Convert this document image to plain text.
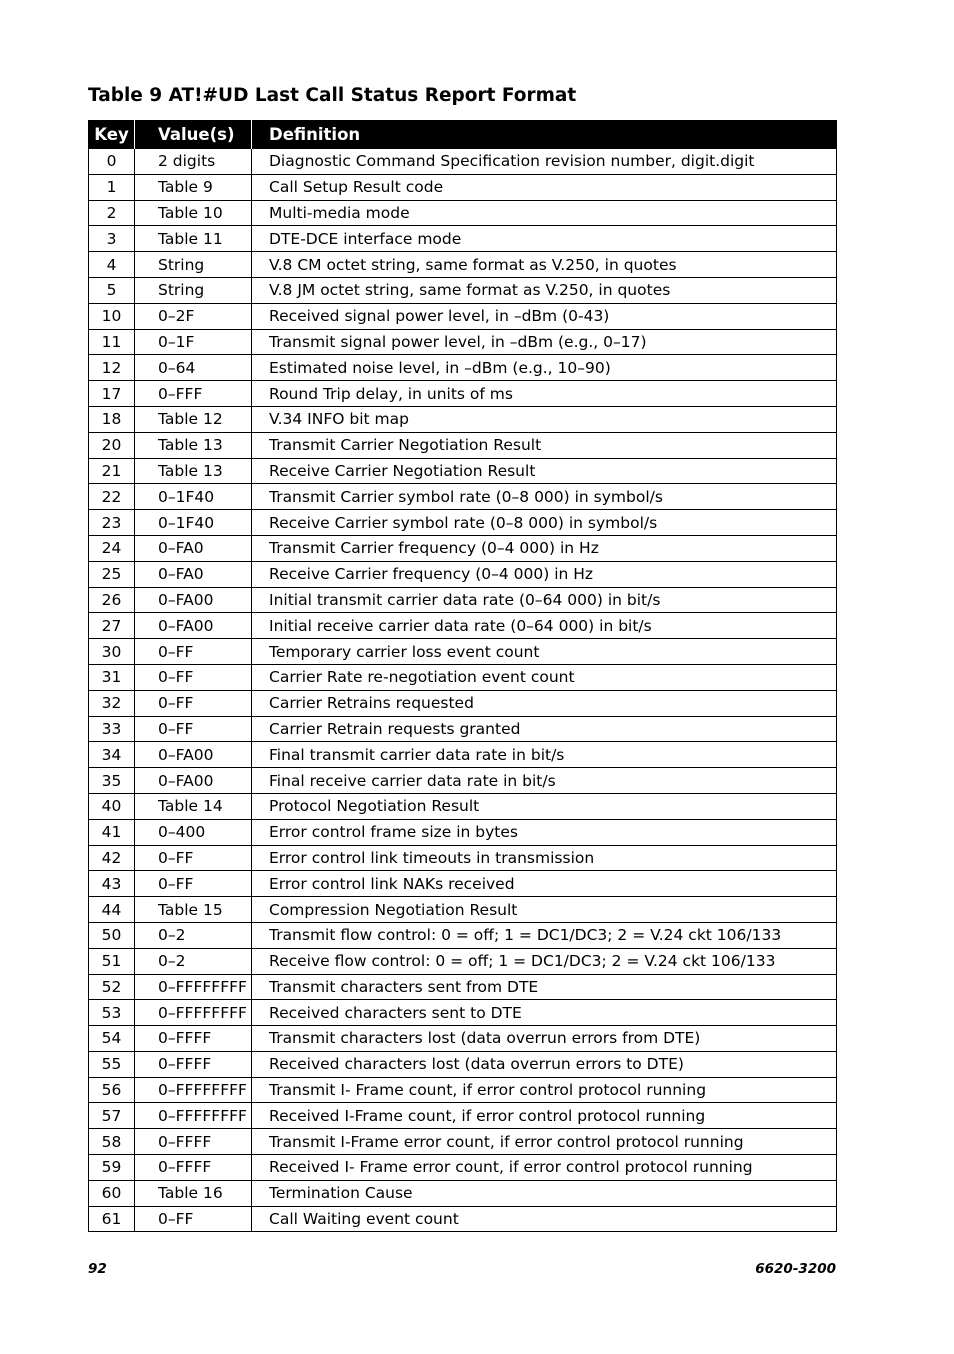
Table 9 AT!#UD Last Call Status Report Format
Key	Value(s)	Definition
0	2 digits	Diagnostic Command Specification revision number, digit.digit
1	Table 9	Call Setup Result code
2	Table 10	Multi-media mode
3	Table 11	DTE-DCE interface mode
4	String	V.8 CM octet string, same format as V.250, in quotes
5	String	V.8 JM octet string, same format as V.250, in quotes
10	0–2F	Received signal power level, in –dBm (0-43)
11	0–1F	Transmit signal power level, in –dBm (e.g., 0–17)
12	0–64	Estimated noise level, in –dBm (e.g., 10–90)
17	0–FFF	Round Trip delay, in units of ms
18	Table 12	V.34 INFO bit map
20	Table 13	Transmit Carrier Negotiation Result
21	Table 13	Receive Carrier Negotiation Result
22	0–1F40	Transmit Carrier symbol rate (0–8 000) in symbol/s
23	0–1F40	Receive Carrier symbol rate (0–8 000) in symbol/s
24	0–FA0	Transmit Carrier frequency (0–4 000) in Hz
25	0–FA0	Receive Carrier frequency (0–4 000) in Hz
26	0–FA00	Initial transmit carrier data rate (0–64 000) in bit/s
27	0–FA00	Initial receive carrier data rate (0–64 000) in bit/s
30	0–FF	Temporary carrier loss event count
31	0–FF	Carrier Rate re-negotiation event count
32	0–FF	Carrier Retrains requested
33	0–FF	Carrier Retrain requests granted
34	0–FA00	Final transmit carrier data rate in bit/s
35	0–FA00	Final receive carrier data rate in bit/s
40	Table 14	Protocol Negotiation Result
41	0–400	Error control frame size in bytes
42	0–FF	Error control link timeouts in transmission
43	0–FF	Error control link NAKs received
44	Table 15	Compression Negotiation Result
50	0–2	Transmit flow control: 0 = off; 1 = DC1/DC3; 2 = V.24 ckt 106/133
51	0–2	Receive flow control: 0 = off; 1 = DC1/DC3; 2 = V.24 ckt 106/133
52	0–FFFFFFFF	Transmit characters sent from DTE
53	0–FFFFFFFF	Received characters sent to DTE
54	0–FFFF	Transmit characters lost (data overrun errors from DTE)
55	0–FFFF	Received characters lost (data overrun errors to DTE)
56	0–FFFFFFFF	Transmit I- Frame count, if error control protocol running
57	0–FFFFFFFF	Received I-Frame count, if error control protocol running
58	0–FFFF	Transmit I-Frame error count, if error control protocol running
59	0–FFFF	Received I- Frame error count, if error control protocol running
60	Table 16	Termination Cause
61	0–FF	Call Waiting event count
92	6620-3200
